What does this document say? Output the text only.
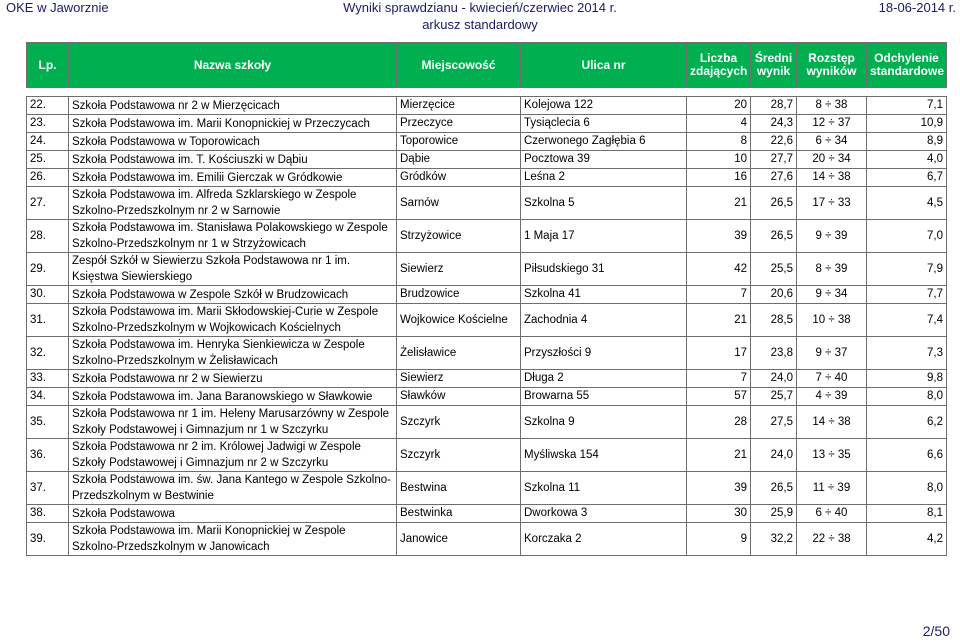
OKE w Jaworznie	Wyniki sprawdzianu - kwiecień/czerwiec 2014 r.
arkusz standardowy
18-06-2014 r.
Lp.	Nazwa szkoły	Miejscowość	Ulica nr	Liczba zdających	Średni wynik	Rozstęp wyników	Odchylenie standardowe

22.	Szkoła Podstawowa nr 2 w Mierzęcicach	Mierzęcice	Kolejowa 122	20	28,7	8 ÷ 38	7,1
23.	Szkoła Podstawowa im. Marii Konopnickiej w Przeczycach	Przeczyce	Tysiąclecia 6	4	24,3	12 ÷ 37	10,9
24.	Szkoła Podstawowa w Toporowicach	Toporowice	Czerwonego Zagłębia 6	8	22,6	6 ÷ 34	8,9
25.	Szkoła Podstawowa im. T. Kościuszki w Dąbiu	Dąbie	Pocztowa 39	10	27,7	20 ÷ 34	4,0
26.	Szkoła Podstawowa im. Emilii Gierczak w Gródkowie	Gródków	Leśna 2	16	27,6	14 ÷ 38	6,7
27.	Szkoła Podstawowa im. Alfreda Szklarskiego w Zespole Szkolno-Przedszkolnym nr 2 w Sarnowie	Sarnów	Szkolna 5	21	26,5	17 ÷ 33	4,5
28.	Szkoła Podstawowa im. Stanisława Polakowskiego w Zespole Szkolno-Przedszkolnym nr 1 w Strzyżowicach	Strzyżowice	1 Maja 17	39	26,5	9 ÷ 39	7,0
29.	Zespół Szkół w Siewierzu Szkoła Podstawowa nr 1 im. Księstwa Siewierskiego	Siewierz	Piłsudskiego 31	42	25,5	8 ÷ 39	7,9
30.	Szkoła Podstawowa w Zespole Szkół w Brudzowicach	Brudzowice	Szkolna 41	7	20,6	9 ÷ 34	7,7
31.	Szkoła Podstawowa im. Marii Skłodowskiej-Curie w Zespole Szkolno-Przedszkolnym w Wojkowicach Kościelnych	Wojkowice Kościelne	Zachodnia 4	21	28,5	10 ÷ 38	7,4
32.	Szkoła Podstawowa im. Henryka Sienkiewicza w Zespole Szkolno-Przedszkolnym w Żelisławicach	Żelisławice	Przyszłości 9	17	23,8	9 ÷ 37	7,3
33.	Szkoła Podstawowa nr 2 w Siewierzu	Siewierz	Długa 2	7	24,0	7 ÷ 40	9,8
34.	Szkoła Podstawowa im. Jana Baranowskiego w Sławkowie	Sławków	Browarna 55	57	25,7	4 ÷ 39	8,0
35.	Szkoła Podstawowa nr 1 im. Heleny Marusarzówny w Zespole Szkoły Podstawowej i Gimnazjum nr 1 w Szczyrku	Szczyrk	Szkolna 9	28	27,5	14 ÷ 38	6,2
36.	Szkoła Podstawowa nr 2 im. Królowej Jadwigi w Zespole Szkoły Podstawowej i Gimnazjum nr 2 w Szczyrku	Szczyrk	Myśliwska 154	21	24,0	13 ÷ 35	6,6
37.	Szkoła Podstawowa im. św. Jana Kantego w Zespole Szkolno-Przedszkolnym w Bestwinie	Bestwina	Szkolna 11	39	26,5	11 ÷ 39	8,0
38.	Szkoła Podstawowa	Bestwinka	Dworkowa 3	30	25,9	6 ÷ 40	8,1
39.	Szkoła Podstawowa im. Marii Konopnickiej w Zespole Szkolno-Przedszkolnym w Janowicach	Janowice	Korczaka 2	9	32,2	22 ÷ 38	4,2
2/50
